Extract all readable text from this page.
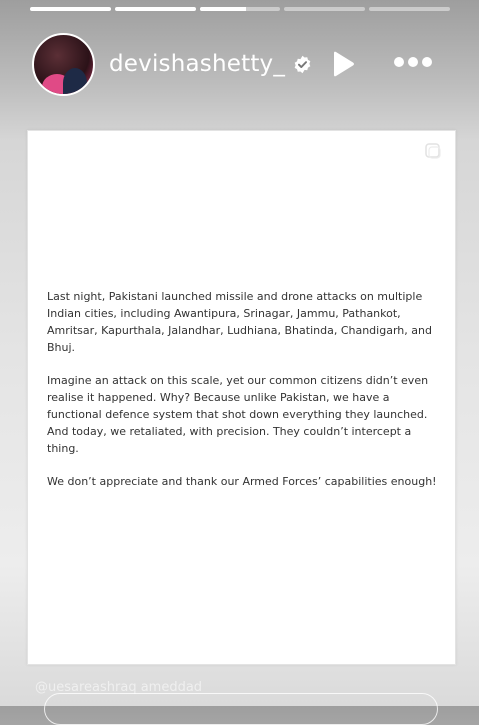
devishashetty_

Last night, Pakistani launched missile and drone attacks on multiple Indian cities, including Awantipura, Srinagar, Jammu, Pathankot, Amritsar, Kapurthala, Jalandhar, Ludhiana, Bhatinda, Chandigarh, and Bhuj.

Imagine an attack on this scale, yet our common citizens didn’t even realise it happened. Why? Because unlike Pakistan, we have a functional defence system that shot down everything they launched. And today, we retaliated, with precision. They couldn’t intercept a thing.

We don’t appreciate and thank our Armed Forces’ capabilities enough!

@uesareashraq ameddad
